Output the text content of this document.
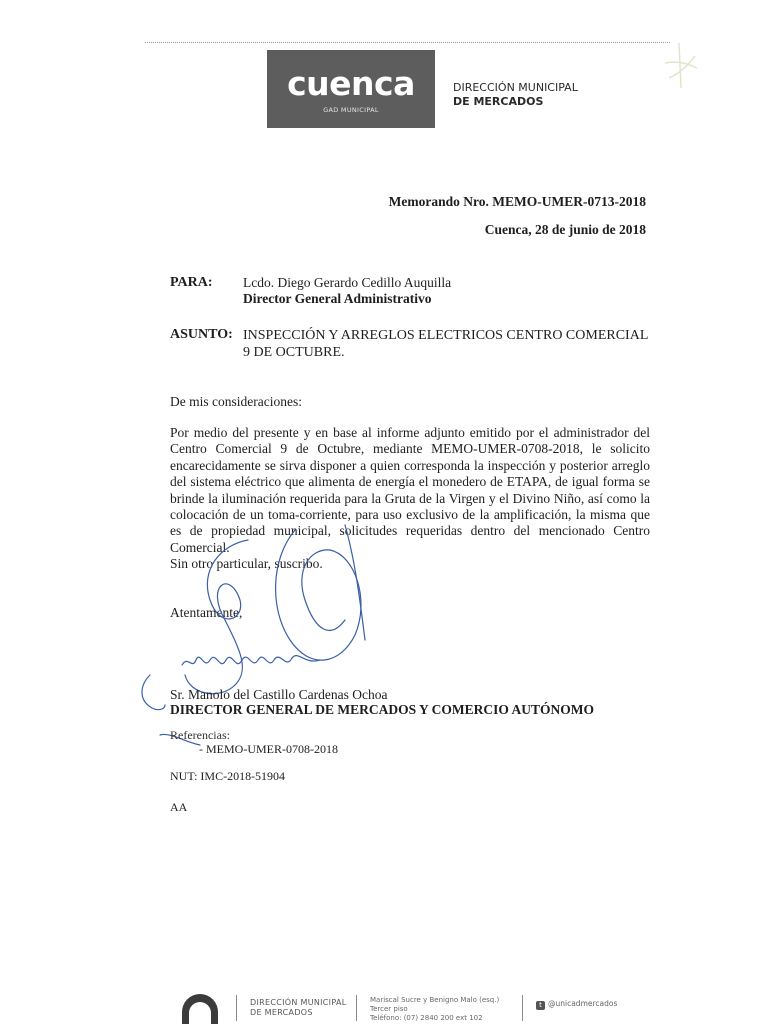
cuenca
GAD MUNICIPAL
DIRECCIÓN MUNICIPAL
DE MERCADOS
Memorando Nro. MEMO-UMER-0713-2018
Cuenca, 28 de junio de 2018
PARA: Lcdo. Diego Gerardo Cedillo Auquilla
Director General Administrativo
ASUNTO: INSPECCIÓN Y ARREGLOS ELECTRICOS CENTRO COMERCIAL 9 DE OCTUBRE.
De mis consideraciones:
Por medio del presente y en base al informe adjunto emitido por el administrador del Centro Comercial 9 de Octubre, mediante MEMO-UMER-0708-2018, le solicito encarecidamente se sirva disponer a quien corresponda la inspección y posterior arreglo del sistema eléctrico que alimenta de energía el monedero de ETAPA, de igual forma se brinde la iluminación requerida para la Gruta de la Virgen y el Divino Niño, así como la colocación de un toma-corriente, para uso exclusivo de la amplificación, la misma que es de propiedad municipal, solicitudes requeridas dentro del mencionado Centro Comercial.
Sin otro particular, suscribo.
Atentamente,
Sr. Manolo del Castillo Cardenas Ochoa
DIRECTOR GENERAL DE MERCADOS Y COMERCIO AUTÓNOMO
Referencias:
- MEMO-UMER-0708-2018
NUT: IMC-2018-51904
AA
DIRECCIÓN MUNICIPAL
DE MERCADOS
Mariscal Sucre y Benigno Malo (esq.)
Tercer piso
Teléfono: (07) 2840 200 ext 102
t @unicadmercados
